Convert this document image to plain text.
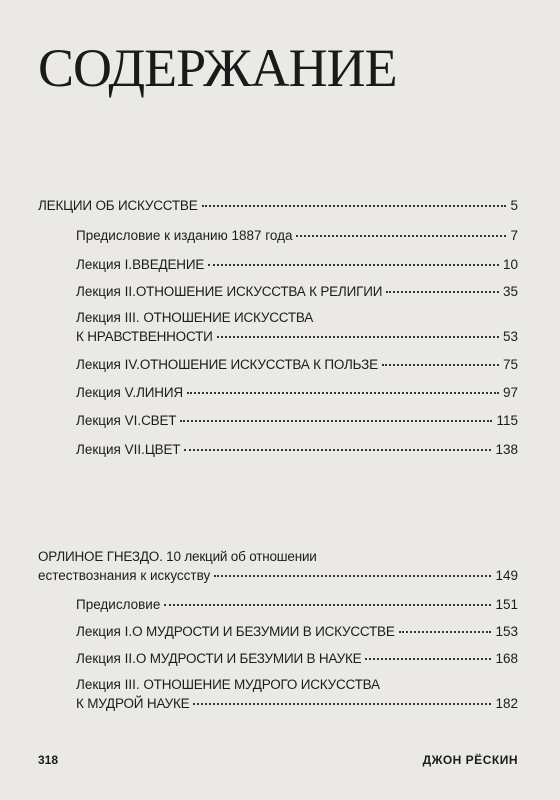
СОДЕРЖАНИЕ
ЛЕКЦИИ ОБ ИСКУССТВЕ	5
Предисловие к изданию 1887 года	7
Лекция I. ВВЕДЕНИЕ	10
Лекция II. ОТНОШЕНИЕ ИСКУССТВА К РЕЛИГИИ	35
Лекция III. ОТНОШЕНИЕ ИСКУССТВА
К НРАВСТВЕННОСТИ	53
Лекция IV. ОТНОШЕНИЕ ИСКУССТВА К ПОЛЬЗЕ	75
Лекция V. ЛИНИЯ	97
Лекция VI. СВЕТ	115
Лекция VII. ЦВЕТ	138
ОРЛИНОЕ ГНЕЗДО. 10 лекций об отношении
естествознания к искусству	149
Предисловие	151
Лекция I. О МУДРОСТИ И БЕЗУМИИ В ИСКУССТВЕ	153
Лекция II. О МУДРОСТИ И БЕЗУМИИ В НАУКЕ	168
Лекция III. ОТНОШЕНИЕ МУДРОГО ИСКУССТВА
К МУДРОЙ НАУКЕ	182
318	ДЖОН РЁСКИН
